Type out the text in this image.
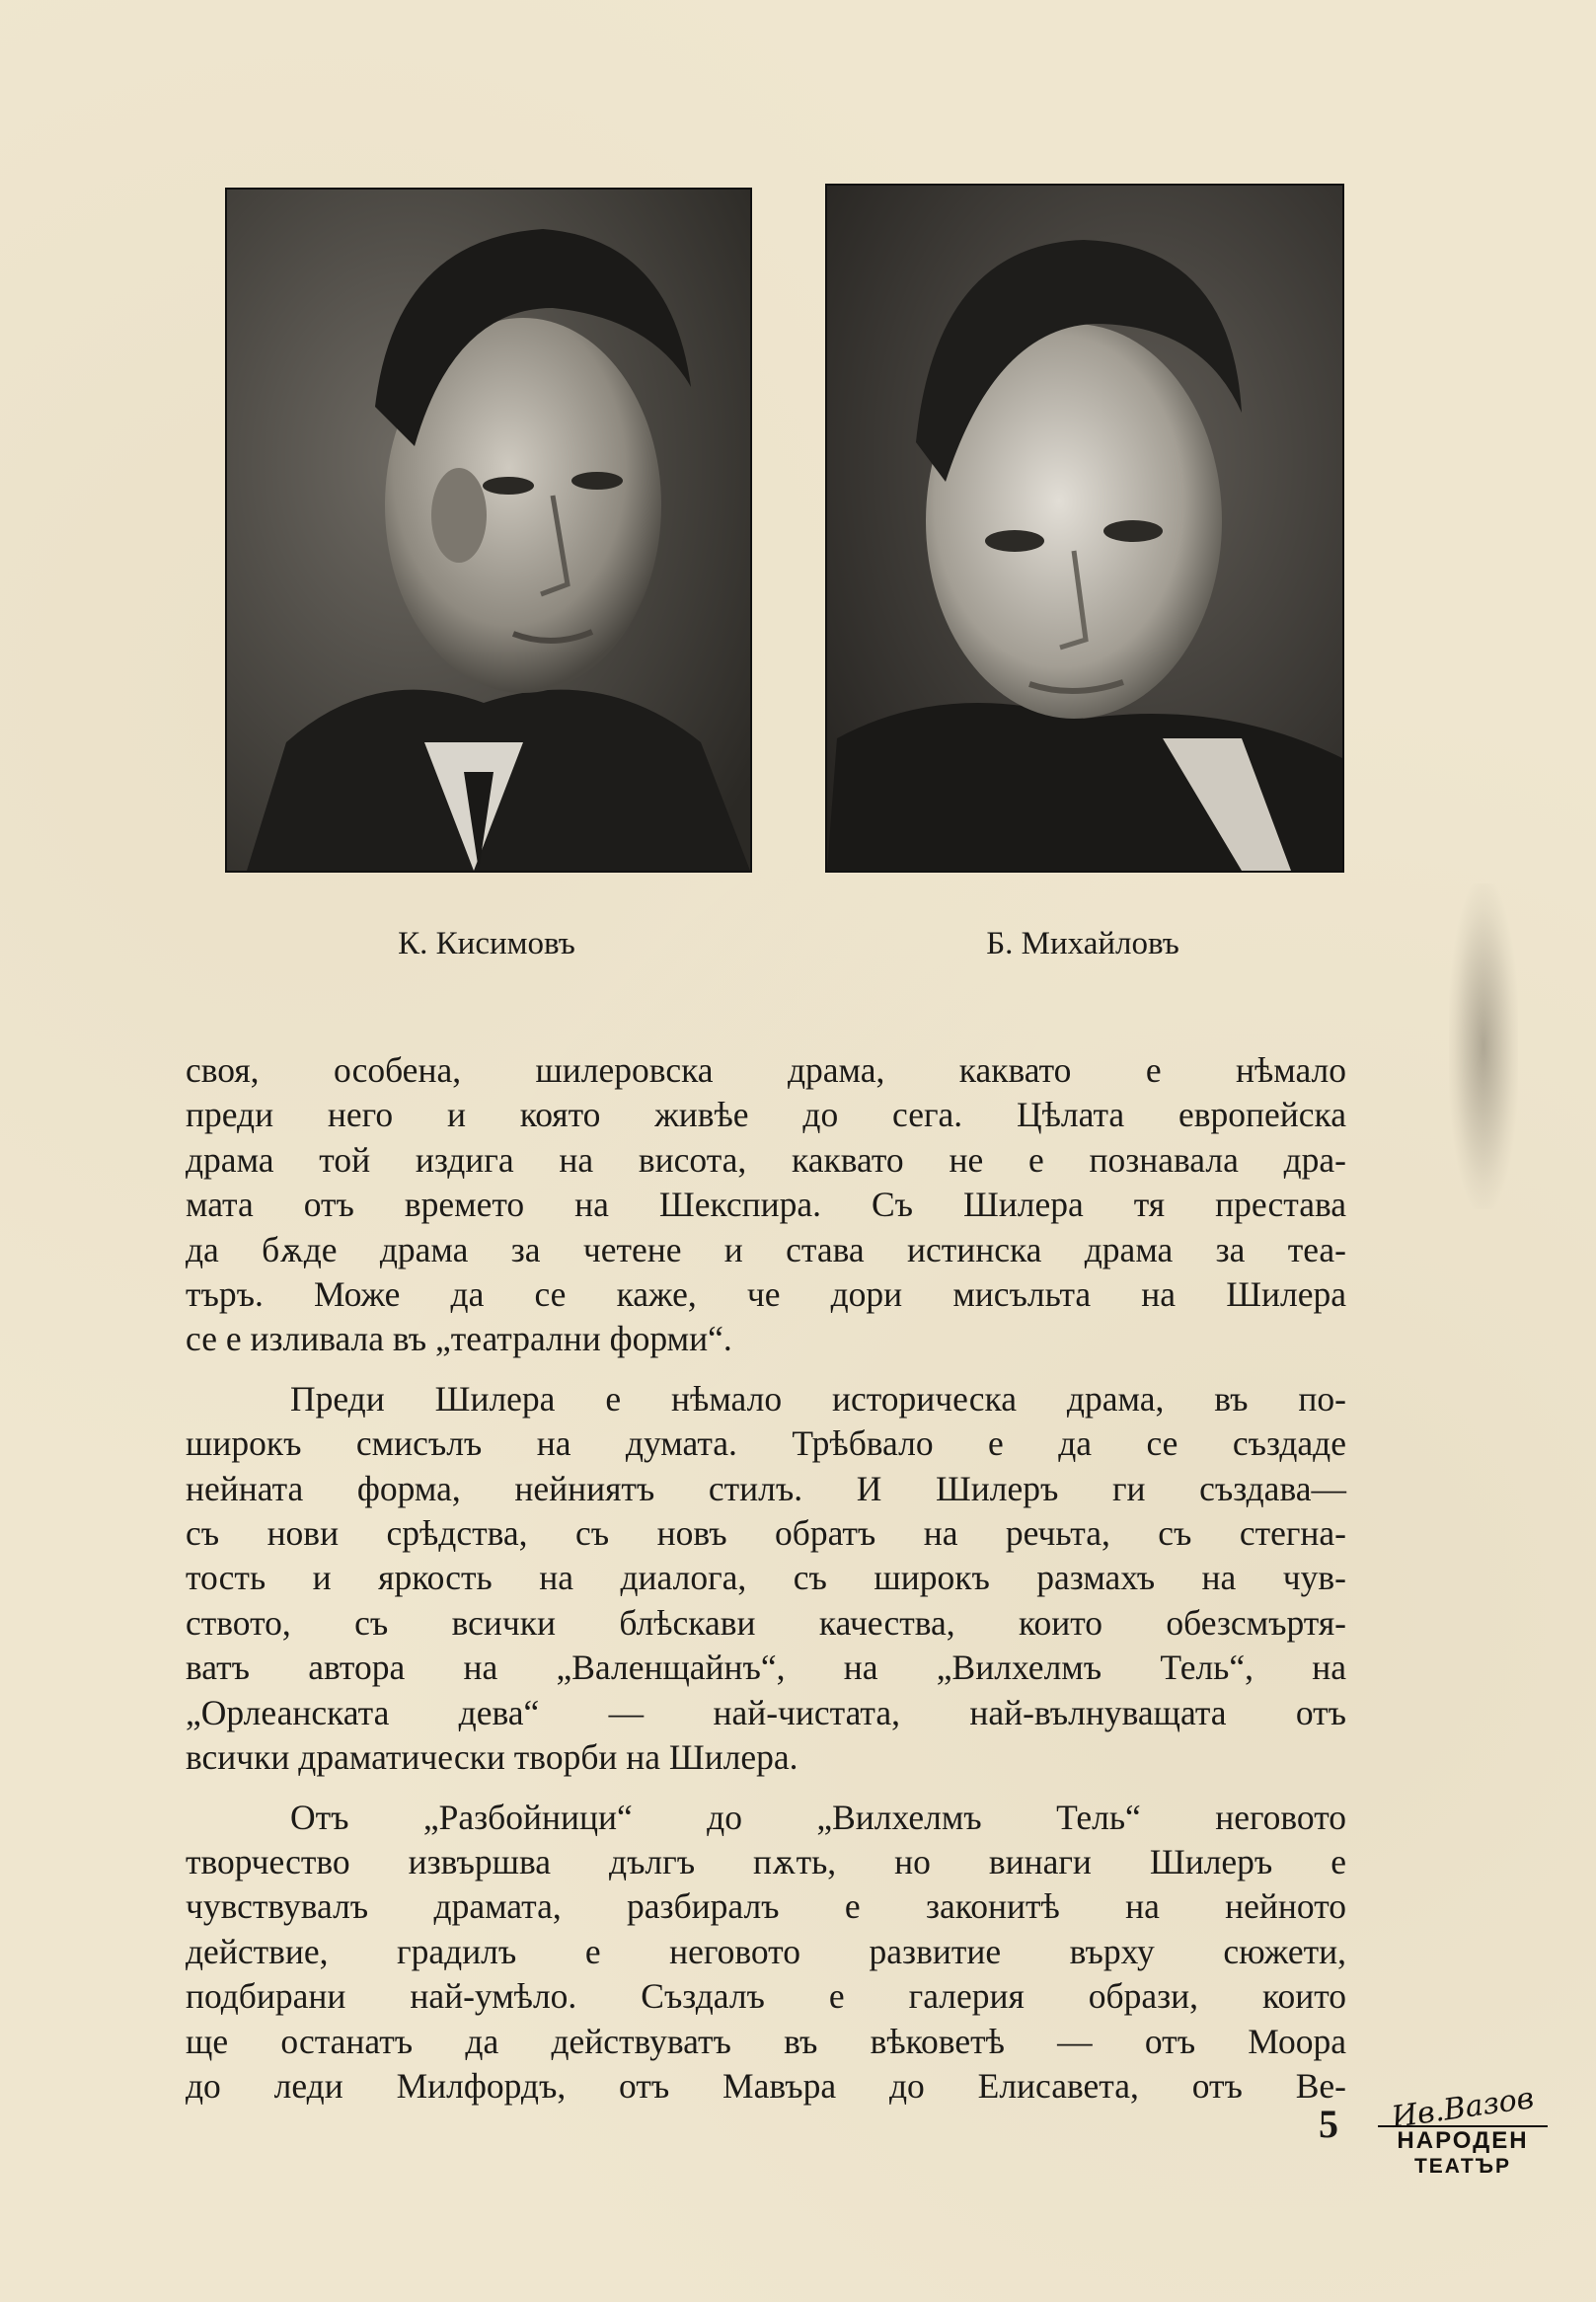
К. Кисимовъ	Б. Михайловъ
своя, особена, шилеровска драма, каквато е нѣмало
преди него и която живѣе до сега. Цѣлата европейска
драма той издига на висота, каквато не е познавала дра-
мата отъ времето на Шекспира. Съ Шилера тя престава
да бѫде драма за четене и става истинска драма за теа-
търъ. Може да се каже, че дори мисъльта на Шилера
се е изливала въ „театрални форми“.
Преди Шилера е нѣмало историческа драма, въ по-
широкъ смисълъ на думата. Трѣбвало е да се създаде
нейната форма, нейниятъ стилъ. И Шилеръ ги създава—
съ нови срѣдства, съ новъ обратъ на речьта, съ стегна-
тость и яркость на диалога, съ широкъ размахъ на чув-
ството, съ всички блѣскави качества, които обезсмъртя-
ватъ автора на „Валенщайнъ“, на „Вилхелмъ Тель“, на
„Орлеанската дева“ — най-чистата, най-вълнуващата отъ
всички драматически творби на Шилера.
Отъ „Разбойници“ до „Вилхелмъ Тель“ неговото
творчество извършва дългъ пѫть, но винаги Шилеръ е
чувствувалъ драмата, разбиралъ е законитѣ на нейното
действие, градилъ е неговото развитие върху сюжети,
подбирани най-умѣло. Създалъ е галерия образи, които
ще останатъ да действуватъ въ вѣковетѣ — отъ Моора
до леди Милфордъ, отъ Мавъра до Елисавета, отъ Ве-
5	Ив.Вазов
НАРОДЕН
ТЕАТЪР
